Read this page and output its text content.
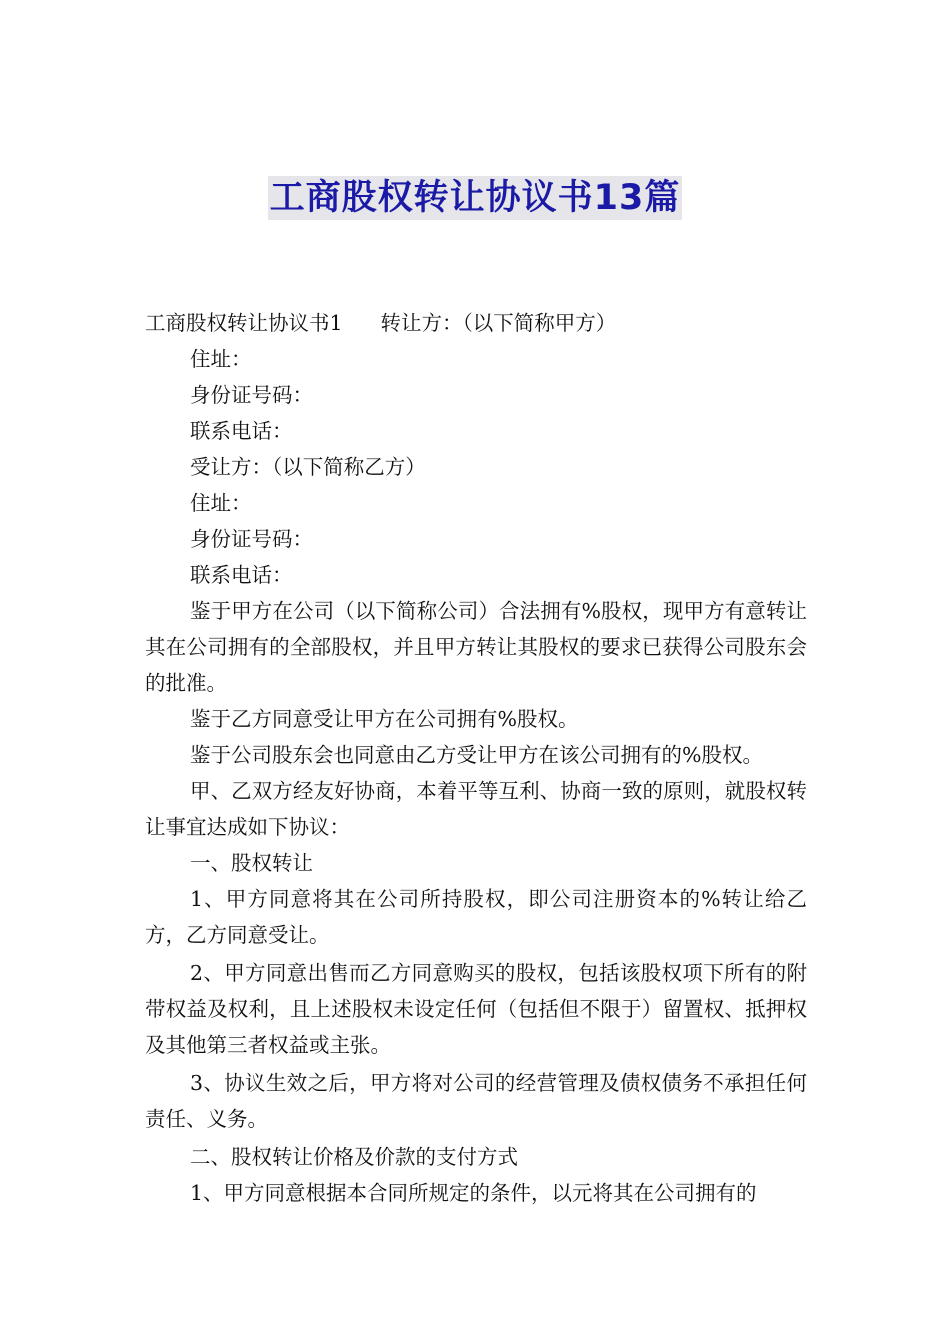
工商股权转让协议书13篇

工商股权转让协议书1 转让方：（以下简称甲方）

住址：

身份证号码：

联系电话：

受让方：（以下简称乙方）

住址：

身份证号码：

联系电话：

鉴于甲方在公司（以下简称公司）合法拥有%股权，现甲方有意转让其在公司拥有的全部股权，并且甲方转让其股权的要求已获得公司股东会的批准。

鉴于乙方同意受让甲方在公司拥有%股权。

鉴于公司股东会也同意由乙方受让甲方在该公司拥有的%股权。

甲、乙双方经友好协商，本着平等互利、协商一致的原则，就股权转让事宜达成如下协议：

一、股权转让

1、甲方同意将其在公司所持股权，即公司注册资本的%转让给乙方，乙方同意受让。

2、甲方同意出售而乙方同意购买的股权，包括该股权项下所有的附带权益及权利，且上述股权未设定任何（包括但不限于）留置权、抵押权及其他第三者权益或主张。

3、协议生效之后，甲方将对公司的经营管理及债权债务不承担任何责任、义务。

二、股权转让价格及价款的支付方式

1、甲方同意根据本合同所规定的条件，以元将其在公司拥有的
